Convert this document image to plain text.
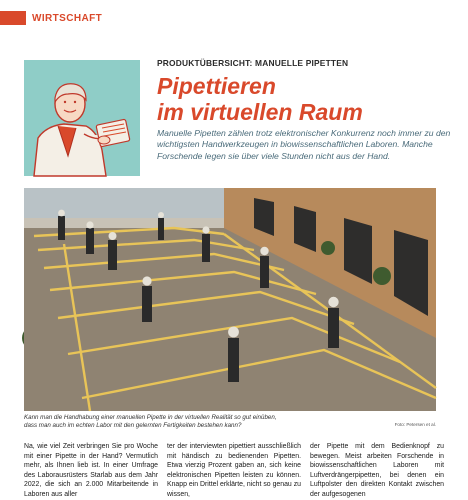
WIRTSCHAFT
PRODUKTÜBERSICHT: MANUELLE PIPETTEN
Pipettieren
im virtuellen Raum

Manuelle Pipetten zählen trotz elektronischer Konkurrenz noch immer zu den wichtigsten Handwerkzeugen in biowissenschaftlichen Laboren. Manche Forschende legen sie über viele Stunden nicht aus der Hand.

Kann man die Handhabung einer manuellen Pipette in der virtuellen Realität so gut einüben,
dass man auch im echten Labor mit den gelernten Fertigkeiten bestehen kann?	Foto: Petersen et al.

Na, wie viel Zeit verbringen Sie pro Woche mit einer Pipette in der Hand? Vermutlich mehr, als Ihnen lieb ist. In einer Umfrage des Laborausrüsters Starlab aus dem Jahr 2022, die sich an 2.000 Mitarbeitende in Laboren aus aller

ter der interviewten pipettiert ausschließlich mit händisch zu bedienenden Pipetten. Etwa vierzig Prozent gaben an, sich keine elektronischen Pipetten leisten zu können. Knapp ein Drittel erklärte, nicht so genau zu wissen,

der Pipette mit dem Bedienknopf zu bewegen. Meist arbeiten Forschende in biowissenschaftlichen Laboren mit Luftverdrängerpipetten, bei denen ein Luftpolster den direkten Kontakt zwischen der aufgesogenen
